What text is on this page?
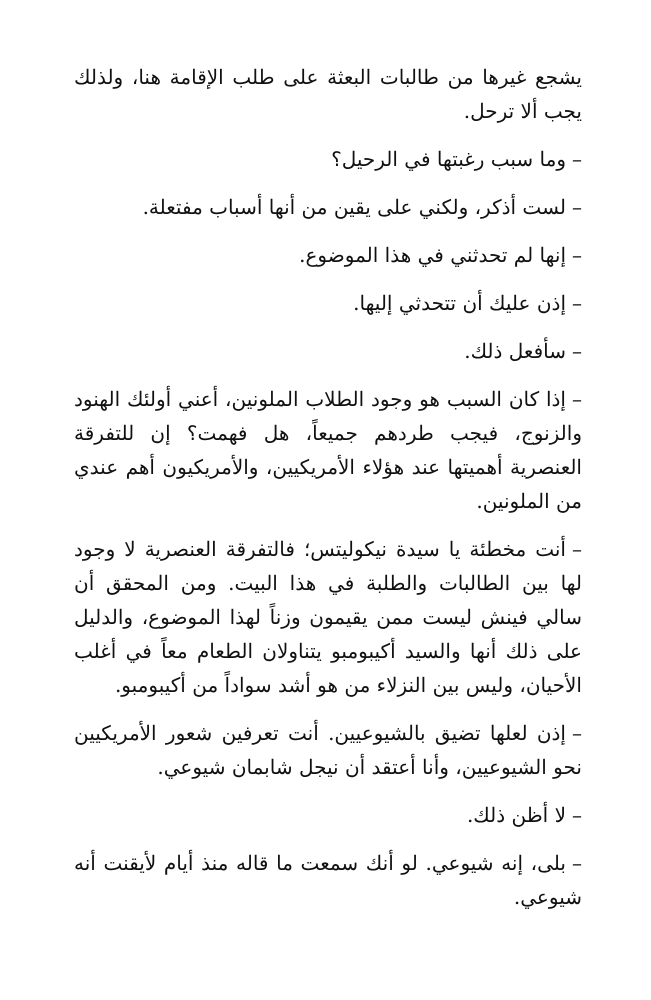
يشجع غيرها من طالبات البعثة على طلب الإقامة هنا، ولذلك يجب ألا ترحل.

–وما سبب رغبتها في الرحيل؟

–لست أذكر، ولكني على يقين من أنها أسباب مفتعلة.

–إنها لم تحدثني في هذا الموضوع.

–إذن عليك أن تتحدثي إليها.

–سأفعل ذلك.

–إذا كان السبب هو وجود الطلاب الملونين، أعني أولئك الهنود والزنوج، فيجب طردهم جميعاً، هل فهمت؟ إن للتفرقة العنصرية أهميتها عند هؤلاء الأمريكيين، والأمريكيون أهم عندي من الملونين.

–أنت مخطئة يا سيدة نيكوليتس؛ فالتفرقة العنصرية لا وجود لها بين الطالبات والطلبة في هذا البيت. ومن المحقق أن سالي فينش ليست ممن يقيمون وزناً لهذا الموضوع، والدليل على ذلك أنها والسيد أكيبومبو يتناولان الطعام معاً في أغلب الأحيان، وليس بين النزلاء من هو أشد سواداً من أكيبومبو.

–إذن لعلها تضيق بالشيوعيين. أنت تعرفين شعور الأمريكيين نحو الشيوعيين، وأنا أعتقد أن نيجل شابمان شيوعي.

–لا أظن ذلك.

–بلى، إنه شيوعي. لو أنك سمعت ما قاله منذ أيام لأيقنت أنه شيوعي.
